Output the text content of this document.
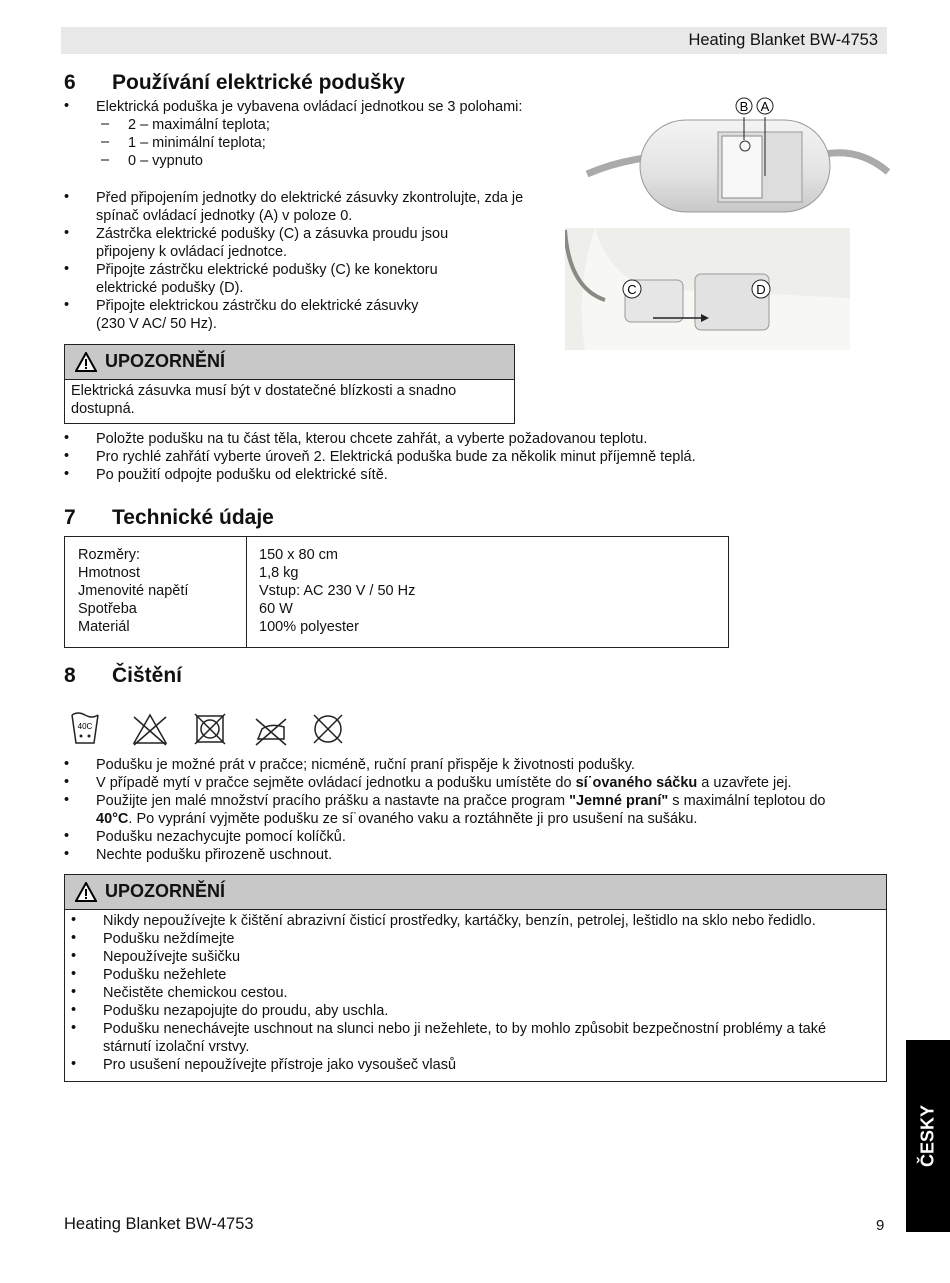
Heating Blanket BW-4753
6 Používání elektrické podušky
• Elektrická poduška je vybavena ovládací jednotkou se 3 polohami:
– 2 – maximální teplota;
– 1 – minimální teplota;
– 0 – vypnuto
• Před připojením jednotky do elektrické zásuvky zkontrolujte, zda je
spínač ovládací jednotky (A) v poloze 0.
• Zástrčka elektrické podušky (C) a zásuvka proudu jsou
připojeny k ovládací jednotce.
• Připojte zástrčku elektrické podušky (C) ke konektoru
elektrické podušky (D).
• Připojte elektrickou zástrčku do elektrické zásuvky
(230 V AC/ 50 Hz).
B A
C	D
UPOZORNĚNÍ
Elektrická zásuvka musí být v dostatečné blízkosti a snadno
dostupná.
• Položte podušku na tu část těla, kterou chcete zahřát, a vyberte požadovanou teplotu.
• Pro rychlé zahřátí vyberte úroveň 2. Elektrická poduška bude za několik minut příjemně teplá.
• Po použití odpojte podušku od elektrické sítě.
7 Technické údaje
Rozměry:	150 x 80 cm
Hmotnost	1,8 kg
Jmenovité napětí	Vstup: AC 230 V / 50 Hz
Spotřeba	60 W
Materiál	100% polyester
8 Čištění
40C
• Podušku je možné prát v pračce; nicméně, ruční praní přispěje k životnosti podušky.
• V případě mytí v pračce sejměte ovládací jednotku a podušku umístěte do sí˙ovaného sáčku a uzavřete jej.
• Použijte jen malé množství pracího prášku a nastavte na pračce program "Jemné praní" s maximální teplotou do
40°C. Po vyprání vyjměte podušku ze sí˙ovaného vaku a roztáhněte ji pro usušení na sušáku.
• Podušku nezachycujte pomocí kolíčků.
• Nechte podušku přirozeně uschnout.
UPOZORNĚNÍ
• Nikdy nepoužívejte k čištění abrazivní čisticí prostředky, kartáčky, benzín, petrolej, leštidlo na sklo nebo ředidlo.
• Podušku neždímejte
• Nepoužívejte sušičku
• Podušku nežehlete
• Nečistěte chemickou cestou.
• Podušku nezapojujte do proudu, aby uschla.
• Podušku nenechávejte uschnout na slunci nebo ji nežehlete, to by mohlo způsobit bezpečnostní problémy a také
stárnutí izolační vrstvy.
• Pro usušení nepoužívejte přístroje jako vysoušeč vlasů
ČESKY
Heating Blanket BW-4753	9
